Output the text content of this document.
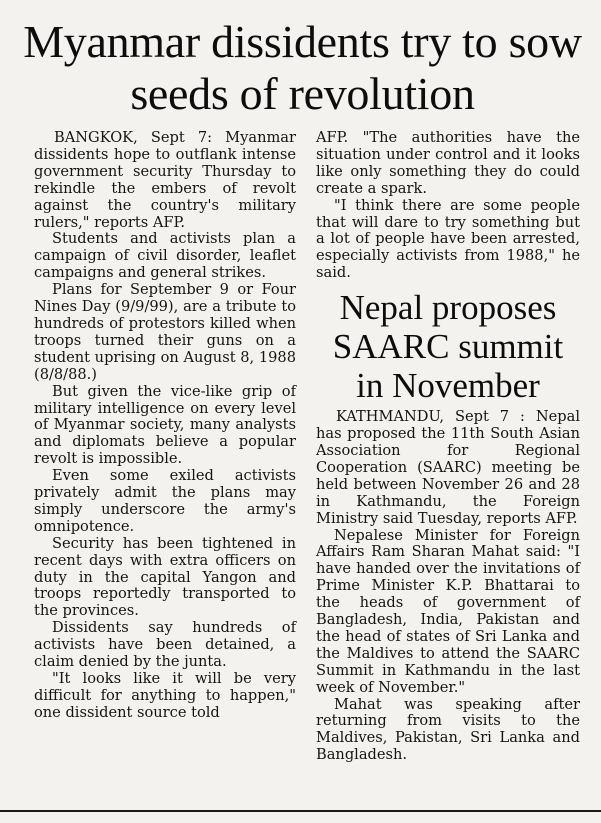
Myanmar dissidents try to sow seeds of revolution

BANGKOK, Sept 7: Myanmar dissidents hope to outflank intense government security Thursday to rekindle the embers of revolt against the country's military rulers," reports AFP.

Students and activists plan a campaign of civil disorder, leaflet campaigns and general strikes.

Plans for September 9 or Four Nines Day (9/9/99), are a tribute to hundreds of protestors killed when troops turned their guns on a student uprising on August 8, 1988 (8/8/88.)

But given the vice-like grip of military intelligence on every level of Myanmar society, many analysts and diplomats believe a popular revolt is impossible.

Even some exiled activists privately admit the plans may simply underscore the army's omnipotence.

Security has been tightened in recent days with extra officers on duty in the capital Yangon and troops reportedly transported to the provinces.

Dissidents say hundreds of activists have been detained, a claim denied by the junta.

"It looks like it will be very difficult for anything to happen," one dissident source told

AFP. "The authorities have the situation under control and it looks like only something they do could create a spark.

"I think there are some people that will dare to try something but a lot of people have been arrested, especially activists from 1988," he said.

Nepal proposes SAARC summit in November

KATHMANDU, Sept 7 : Nepal has proposed the 11th South Asian Association for Regional Cooperation (SAARC) meeting be held between November 26 and 28 in Kathmandu, the Foreign Ministry said Tuesday, reports AFP.

Nepalese Minister for Foreign Affairs Ram Sharan Mahat said: "I have handed over the invitations of Prime Minister K.P. Bhattarai to the heads of government of Bangladesh, India, Pakistan and the head of states of Sri Lanka and the Maldives to attend the SAARC Summit in Kathmandu in the last week of November."

Mahat was speaking after returning from visits to the Maldives, Pakistan, Sri Lanka and Bangladesh.
